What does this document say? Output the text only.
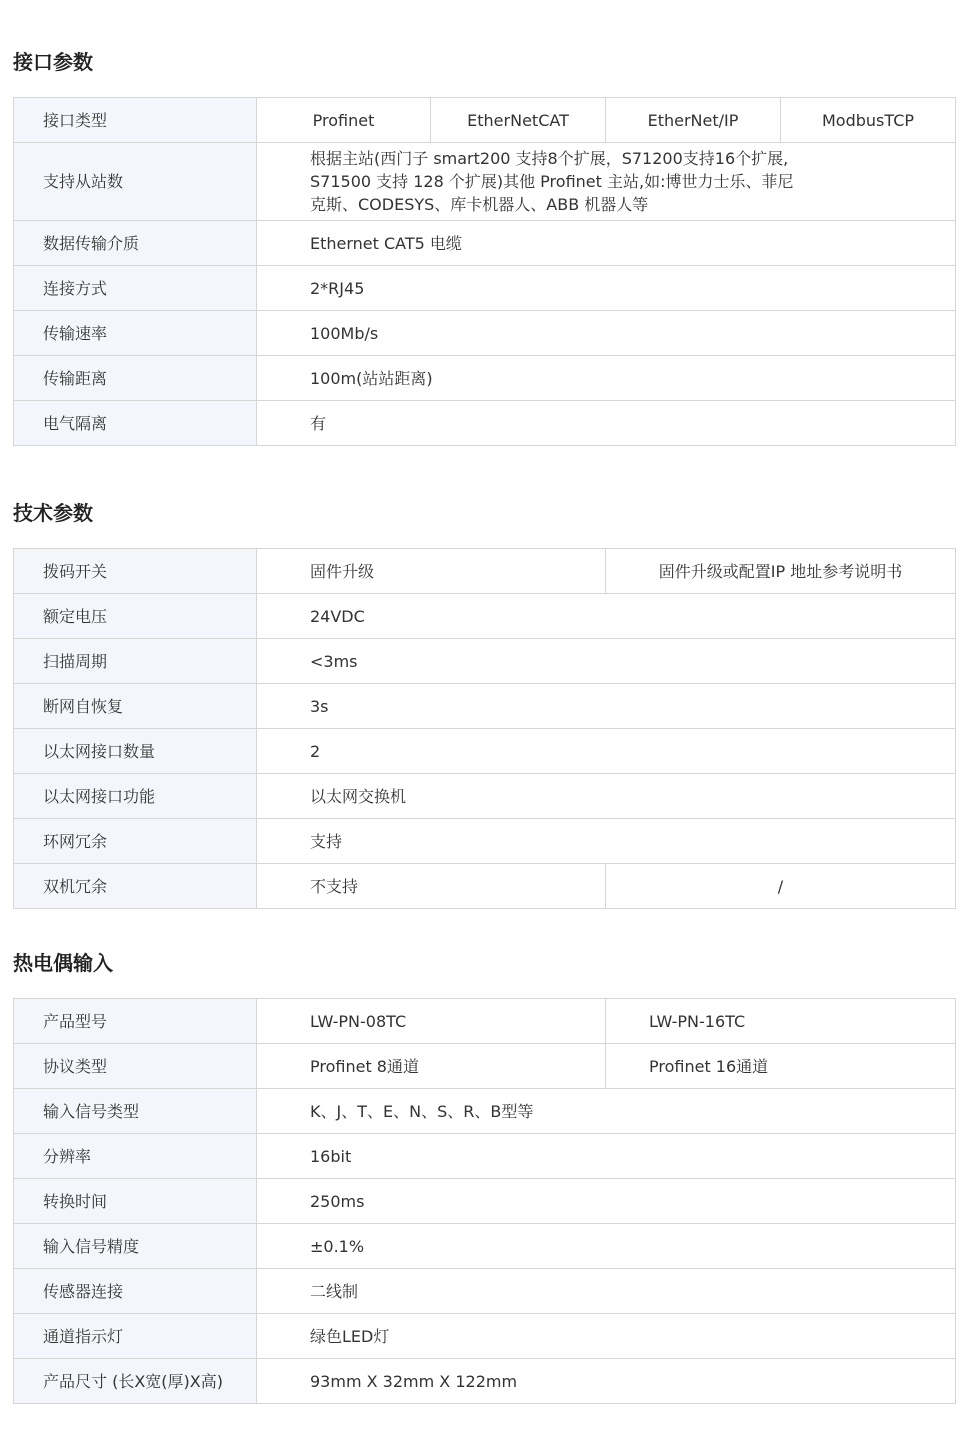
接口参数
接口类型	Profinet	EtherNetCAT	EtherNet/IP	ModbusTCP
支持从站数	根据主站(西门子 smart200 支持8个扩展，S71200支持16个扩展, S71500 支持 128 个扩展)其他 Profinet 主站,如:博世力士乐、菲尼克斯、CODESYS、库卡机器人、ABB 机器人等			
数据传输介质	Ethernet CAT5 电缆			
连接方式	2*RJ45			
传输速率	100Mb/s			
传输距离	100m(站站距离)			
电气隔离	有			
技术参数
拨码开关	固件升级	固件升级或配置IP 地址参考说明书
额定电压	24VDC	
扫描周期	<3ms	
断网自恢复	3s	
以太网接口数量	2	
以太网接口功能	以太网交换机	
环网冗余	支持	
双机冗余	不支持	/
热电偶输入
产品型号	LW-PN-08TC	LW-PN-16TC
协议类型	Profinet 8通道	Profinet 16通道
输入信号类型	K、J、T、E、N、S、R、B型等	
分辨率	16bit	
转换时间	250ms	
输入信号精度	±0.1%	
传感器连接	二线制	
通道指示灯	绿色LED灯	
产品尺寸 (长X宽(厚)X高)	93mm X 32mm X 122mm	
